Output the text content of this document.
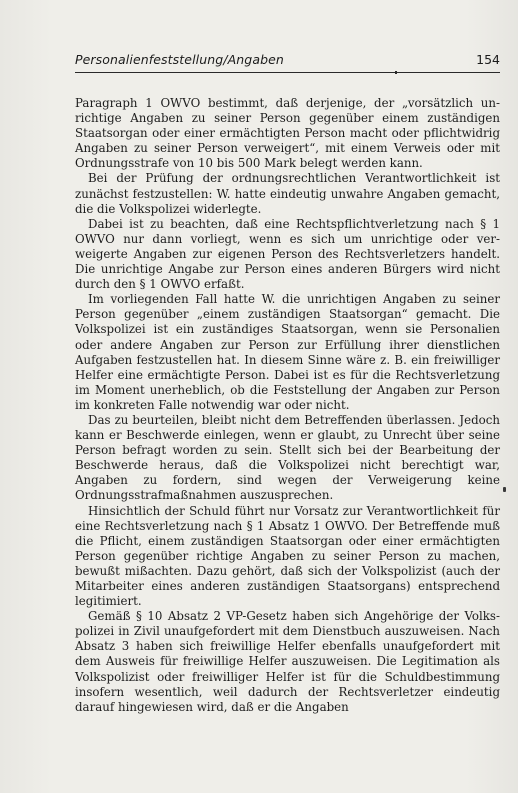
Personalienfeststellung/Angaben	154

Paragraph 1 OWVO bestimmt, daß derjenige, der „vorsätzlich unrichtige Angaben zu seiner Person gegenüber einem zuständigen Staatsorgan oder einer ermächtigten Person macht oder pflichtwidrig Angaben zu seiner Person verweigert“, mit einem Verweis oder mit Ordnungsstrafe von 10 bis 500 Mark belegt werden kann.

Bei der Prüfung der ordnungsrechtlichen Verantwortlichkeit ist zunächst festzustellen: W. hatte eindeutig unwahre Angaben gemacht, die die Volkspolizei widerlegte.

Dabei ist zu beachten, daß eine Rechtspflichtverletzung nach § 1 OWVO nur dann vorliegt, wenn es sich um unrichtige oder verweigerte Angaben zur eigenen Person des Rechtsverletzers handelt. Die unrichtige Angabe zur Person eines anderen Bürgers wird nicht durch den § 1 OWVO erfaßt.

Im vorliegenden Fall hatte W. die unrichtigen Angaben zu seiner Person gegenüber „einem zuständigen Staatsorgan“ gemacht. Die Volkspolizei ist ein zuständiges Staatsorgan, wenn sie Personalien oder andere Angaben zur Person zur Erfüllung ihrer dienstlichen Aufgaben festzustellen hat. In diesem Sinne wäre z. B. ein freiwilliger Helfer eine ermächtigte Person. Dabei ist es für die Rechtsverletzung im Moment unerheblich, ob die Feststellung der Angaben zur Person im konkreten Falle notwendig war oder nicht.

Das zu beurteilen, bleibt nicht dem Betreffenden überlassen. Jedoch kann er Beschwerde einlegen, wenn er glaubt, zu Unrecht über seine Person befragt worden zu sein. Stellt sich bei der Bearbeitung der Beschwerde heraus, daß die Volkspolizei nicht berechtigt war, Angaben zu fordern, sind wegen der Verweigerung keine Ordnungsstrafmaßnahmen auszusprechen.

Hinsichtlich der Schuld führt nur Vorsatz zur Verantwortlichkeit für eine Rechtsverletzung nach § 1 Absatz 1 OWVO. Der Betreffende muß die Pflicht, einem zuständigen Staatsorgan oder einer ermächtigten Person gegenüber richtige Angaben zu seiner Person zu machen, bewußt mißachten. Dazu gehört, daß sich der Volkspolizist (auch der Mitarbeiter eines anderen zuständigen Staatsorgans) entsprechend legitimiert.

Gemäß § 10 Absatz 2 VP-Gesetz haben sich Angehörige der Volkspolizei in Zivil unaufgefordert mit dem Dienstbuch auszuweisen. Nach Absatz 3 haben sich freiwillige Helfer ebenfalls unaufgefordert mit dem Ausweis für freiwillige Helfer auszuweisen. Die Legitimation als Volkspolizist oder freiwilliger Helfer ist für die Schuldbestimmung insofern wesentlich, weil dadurch der Rechtsverletzer eindeutig darauf hingewiesen wird, daß er die Angaben
